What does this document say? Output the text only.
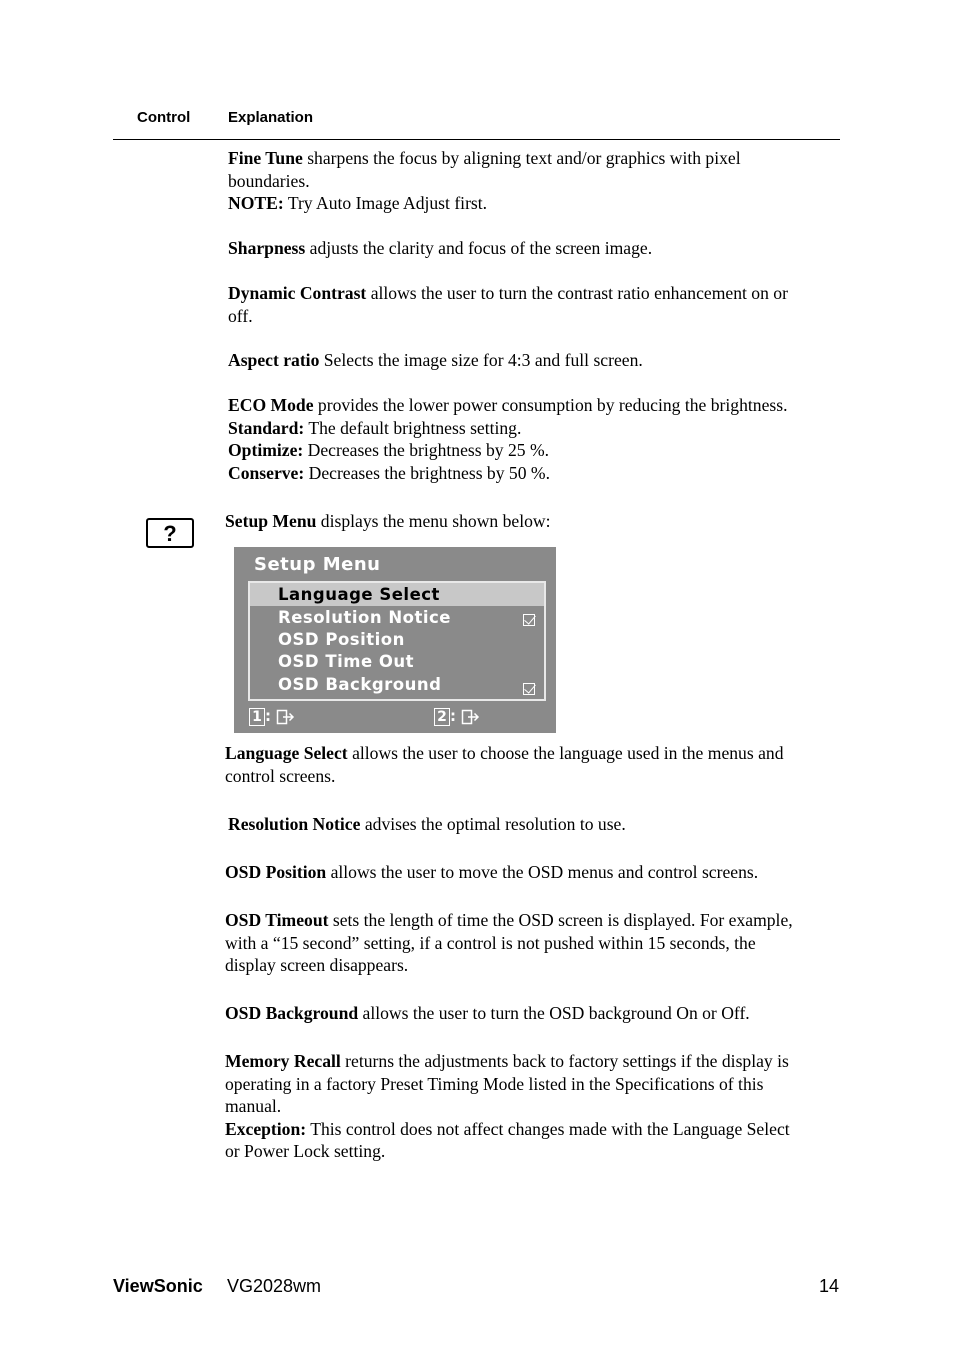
Control	Explanation
Fine Tune sharpens the focus by aligning text and/or graphics with pixel
boundaries.
NOTE: Try Auto Image Adjust first.
Sharpness adjusts the clarity and focus of the screen image.
Dynamic Contrast allows the user to turn the contrast ratio enhancement on or
off.
Aspect ratio Selects the image size for 4:3 and full screen.
ECO Mode provides the lower power consumption by reducing the brightness.
Standard: The default brightness setting.
Optimize: Decreases the brightness by 25 %.
Conserve: Decreases the brightness by 50 %.
?	Setup Menu displays the menu shown below:
Setup Menu
Language Select
Resolution Notice
OSD Position
OSD Time Out
OSD Background
1 :	2 :
Language Select allows the user to choose the language used in the menus and
control screens.
Resolution Notice advises the optimal resolution to use.
OSD Position allows the user to move the OSD menus and control screens.
OSD Timeout sets the length of time the OSD screen is displayed. For example,
with a “15 second” setting, if a control is not pushed within 15 seconds, the
display screen disappears.
OSD Background allows the user to turn the OSD background On or Off.
Memory Recall returns the adjustments back to factory settings if the display is
operating in a factory Preset Timing Mode listed in the Specifications of this
manual.
Exception: This control does not affect changes made with the Language Select
or Power Lock setting.
ViewSonic VG2028wm	14
